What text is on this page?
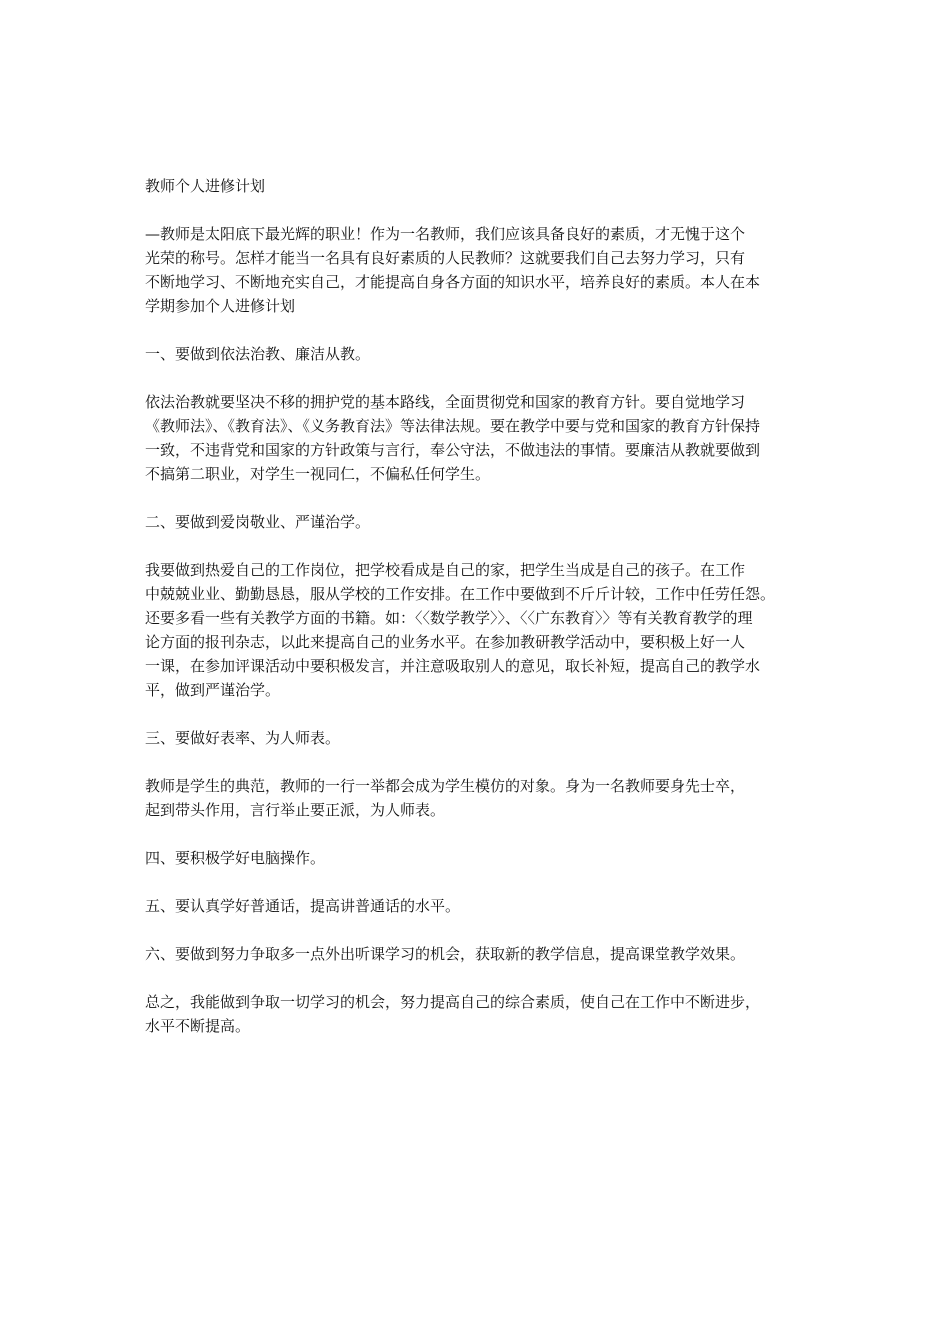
教师个人进修计划
—教师是太阳底下最光辉的职业！作为一名教师，我们应该具备良好的素质，才无愧于这个
光荣的称号。怎样才能当一名具有良好素质的人民教师？这就要我们自己去努力学习，只有
不断地学习、不断地充实自己，才能提高自身各方面的知识水平，培养良好的素质。本人在本
学期参加个人进修计划
一、要做到依法治教、廉洁从教。
依法治教就要坚决不移的拥护党的基本路线，全面贯彻党和国家的教育方针。要自觉地学习
《教师法》、《教育法》、《义务教育法》等法律法规。要在教学中要与党和国家的教育方针保持
一致，不违背党和国家的方针政策与言行，奉公守法，不做违法的事情。要廉洁从教就要做到
不搞第二职业，对学生一视同仁，不偏私任何学生。
二、要做到爱岗敬业、严谨治学。
我要做到热爱自己的工作岗位，把学校看成是自己的家，把学生当成是自己的孩子。在工作
中兢兢业业、勤勤恳恳，服从学校的工作安排。在工作中要做到不斤斤计较，工作中任劳任怨。
还要多看一些有关教学方面的书籍。如：〈〈数学教学〉〉、〈〈广东教育〉〉等有关教育教学的理
论方面的报刊杂志，以此来提高自己的业务水平。在参加教研教学活动中，要积极上好一人
一课，在参加评课活动中要积极发言，并注意吸取别人的意见，取长补短，提高自己的教学水
平，做到严谨治学。
三、要做好表率、为人师表。
教师是学生的典范，教师的一行一举都会成为学生模仿的对象。身为一名教师要身先士卒，
起到带头作用，言行举止要正派，为人师表。
四、要积极学好电脑操作。
五、要认真学好普通话，提高讲普通话的水平。
六、要做到努力争取多一点外出听课学习的机会，获取新的教学信息，提高课堂教学效果。
总之，我能做到争取一切学习的机会，努力提高自己的综合素质，使自己在工作中不断进步，
水平不断提高。
